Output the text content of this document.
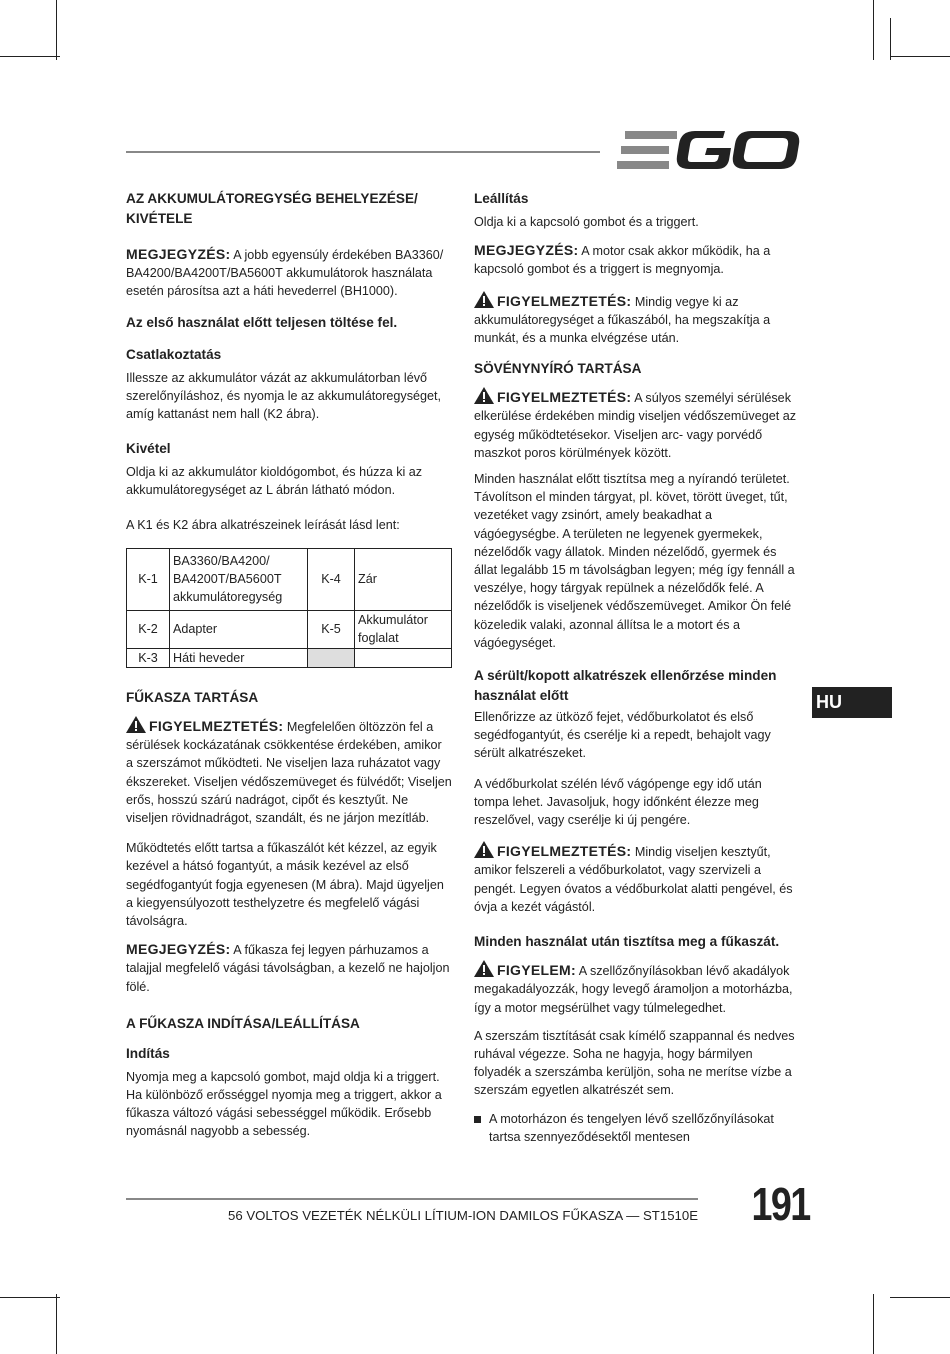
AZ AKKUMULÁTOREGYSÉG BEHELYEZÉSE/ KIVÉTELE

MEGJEGYZÉS: A jobb egyensúly érdekében BA3360/ BA4200/BA4200T/BA5600T akkumulátorok használata esetén párosítsa azt a háti hevederrel (BH1000).

Az első használat előtt teljesen töltése fel.

Csatlakoztatás

Illessze az akkumulátor vázát az akkumulátorban lévő szerelőnyíláshoz, és nyomja le az akkumulátoregységet, amíg kattanást nem hall (K2 ábra).

Kivétel

Oldja ki az akkumulátor kioldógombot, és húzza ki az akkumulátoregységet az L ábrán látható módon.

A K1 és K2 ábra alkatrészeinek leírását lásd lent:

K-1	BA3360/BA4200/ BA4200T/BA5600T akkumulátoregység	K-4	Zár
K-2	Adapter	K-5	Akkumulátor foglalat
K-3	Háti heveder		

FŰKASZA TARTÁSA

FIGYELMEZTETÉS: Megfelelően öltözzön fel a sérülések kockázatának csökkentése érdekében, amikor a szerszámot működteti. Ne viseljen laza ruházatot vagy ékszereket. Viseljen védőszemüveget és fülvédőt; Viseljen erős, hosszú szárú nadrágot, cipőt és kesztyűt. Ne viseljen rövidnadrágot, szandált, és ne járjon mezítláb.

Működtetés előtt tartsa a fűkaszálót két kézzel, az egyik kezével a hátsó fogantyút, a másik kezével az első segédfogantyút fogja egyenesen (M ábra). Majd ügyeljen a kiegyensúlyozott testhelyzetre és megfelelő vágási távolságra.

MEGJEGYZÉS: A fűkasza fej legyen párhuzamos a talajjal megfelelő vágási távolságban, a kezelő ne hajoljon fölé.

A FŰKASZA INDÍTÁSA/LEÁLLÍTÁSA

Indítás

Nyomja meg a kapcsoló gombot, majd oldja ki a triggert. Ha különböző erősséggel nyomja meg a triggert, akkor a fűkasza változó vágási sebességgel működik. Erősebb nyomásnál nagyobb a sebesség.

Leállítás

Oldja ki a kapcsoló gombot és a triggert.

MEGJEGYZÉS: A motor csak akkor működik, ha a kapcsoló gombot és a triggert is megnyomja.

FIGYELMEZTETÉS: Mindig vegye ki az akkumulátoregységet a fűkaszából, ha megszakítja a munkát, és a munka elvégzése után.

SÖVÉNYNYÍRÓ TARTÁSA

FIGYELMEZTETÉS: A súlyos személyi sérülések elkerülése érdekében mindig viseljen védőszemüveget az egység működtetésekor. Viseljen arc- vagy porvédő maszkot poros körülmények között.

Minden használat előtt tisztítsa meg a nyírandó területet. Távolítson el minden tárgyat, pl. követ, törött üveget, tűt, vezetéket vagy zsinórt, amely beakadhat a vágóegységbe. A területen ne legyenek gyermekek, nézelődők vagy állatok. Minden nézelődő, gyermek és állat legalább 15 m távolságban legyen; még így fennáll a veszélye, hogy tárgyak repülnek a nézelődők felé. A nézelődők is viseljenek védőszemüveget. Amikor Ön felé közeledik valaki, azonnal állítsa le a motort és a vágóegységet.

A sérült/kopott alkatrészek ellenőrzése minden használat előtt

Ellenőrizze az ütköző fejet, védőburkolatot és első segédfogantyút, és cserélje ki a repedt, behajolt vagy sérült alkatrészeket.

A védőburkolat szélén lévő vágópenge egy idő után tompa lehet. Javasoljuk, hogy időnként élezze meg reszelővel, vagy cserélje ki új pengére.

FIGYELMEZTETÉS: Mindig viseljen kesztyűt, amikor felszereli a védőburkolatot, vagy szervizeli a pengét. Legyen óvatos a védőburkolat alatti pengével, és óvja a kezét vágástól.

Minden használat után tisztítsa meg a fűkaszát.

FIGYELEM: A szellőzőnyílásokban lévő akadályok megakadályozzák, hogy levegő áramoljon a motorházba, így a motor megsérülhet vagy túlmelegedhet.

A szerszám tisztítását csak kímélő szappannal és nedves ruhával végezze. Soha ne hagyja, hogy bármilyen folyadék a szerszámba kerüljön, soha ne merítse vízbe a szerszám egyetlen alkatrészét sem.

A motorházon és tengelyen lévő szellőzőnyílásokat tartsa szennyeződésektől mentesen

HU
56 VOLTOS VEZETÉK NÉLKÜLI LÍTIUM-ION DAMILOS FŰKASZA — ST1510E 191
